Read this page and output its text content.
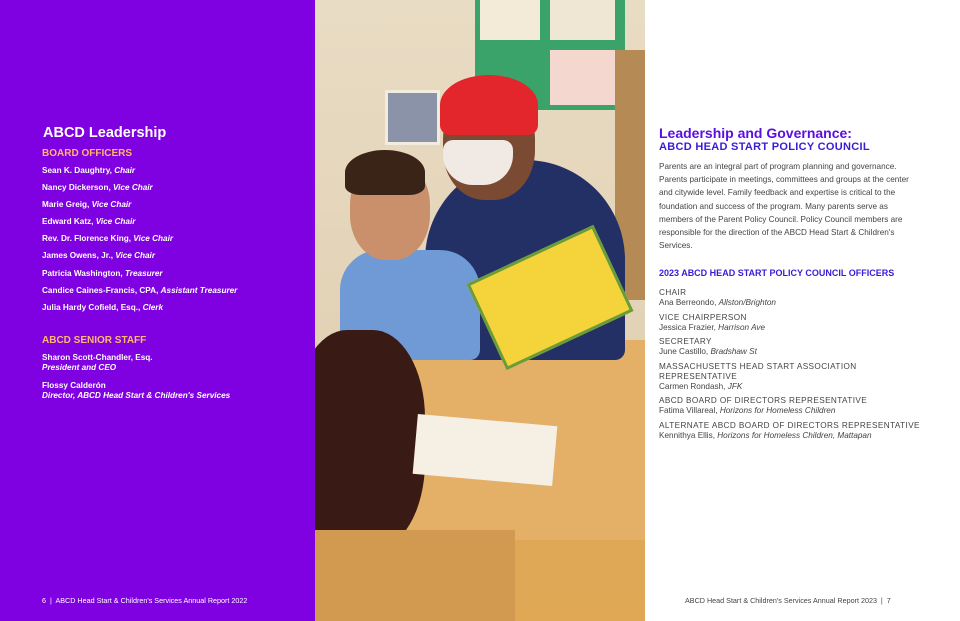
ABCD Leadership
BOARD OFFICERS
Sean K. Daughtry, Chair
Nancy Dickerson, Vice Chair
Marie Greig, Vice Chair
Edward Katz, Vice Chair
Rev. Dr. Florence King, Vice Chair
James Owens, Jr., Vice Chair
Patricia Washington, Treasurer
Candice Caines-Francis, CPA, Assistant Treasurer
Julia Hardy Cofield, Esq., Clerk
ABCD SENIOR STAFF
Sharon Scott-Chandler, Esq.
President and CEO
Flossy Calderón
Director, ABCD Head Start & Children's Services
6  |  ABCD Head Start & Children's Services Annual Report 2022
Leadership and Governance:
ABCD HEAD START POLICY COUNCIL
Parents are an integral part of program planning and governance. Parents participate in meetings, committees and groups at the center and citywide level. Family feedback and expertise is critical to the foundation and success of the program. Many parents serve as members of the Parent Policy Council. Policy Council members are responsible for the direction of the ABCD Head Start & Children's Services.
2023 ABCD HEAD START POLICY COUNCIL OFFICERS
CHAIR
Ana Berreondo, Allston/Brighton
VICE CHAIRPERSON
Jessica Frazier, Harrison Ave
SECRETARY
June Castillo, Bradshaw St
MASSACHUSETTS HEAD START ASSOCIATION REPRESENTATIVE
Carmen Rondash, JFK
ABCD BOARD OF DIRECTORS REPRESENTATIVE
Fatima Villareal, Horizons for Homeless Children
ALTERNATE ABCD BOARD OF DIRECTORS REPRESENTATIVE
Kennithya Ellis, Horizons for Homeless Children, Mattapan
ABCD Head Start & Children's Services Annual Report 2023  |  7
